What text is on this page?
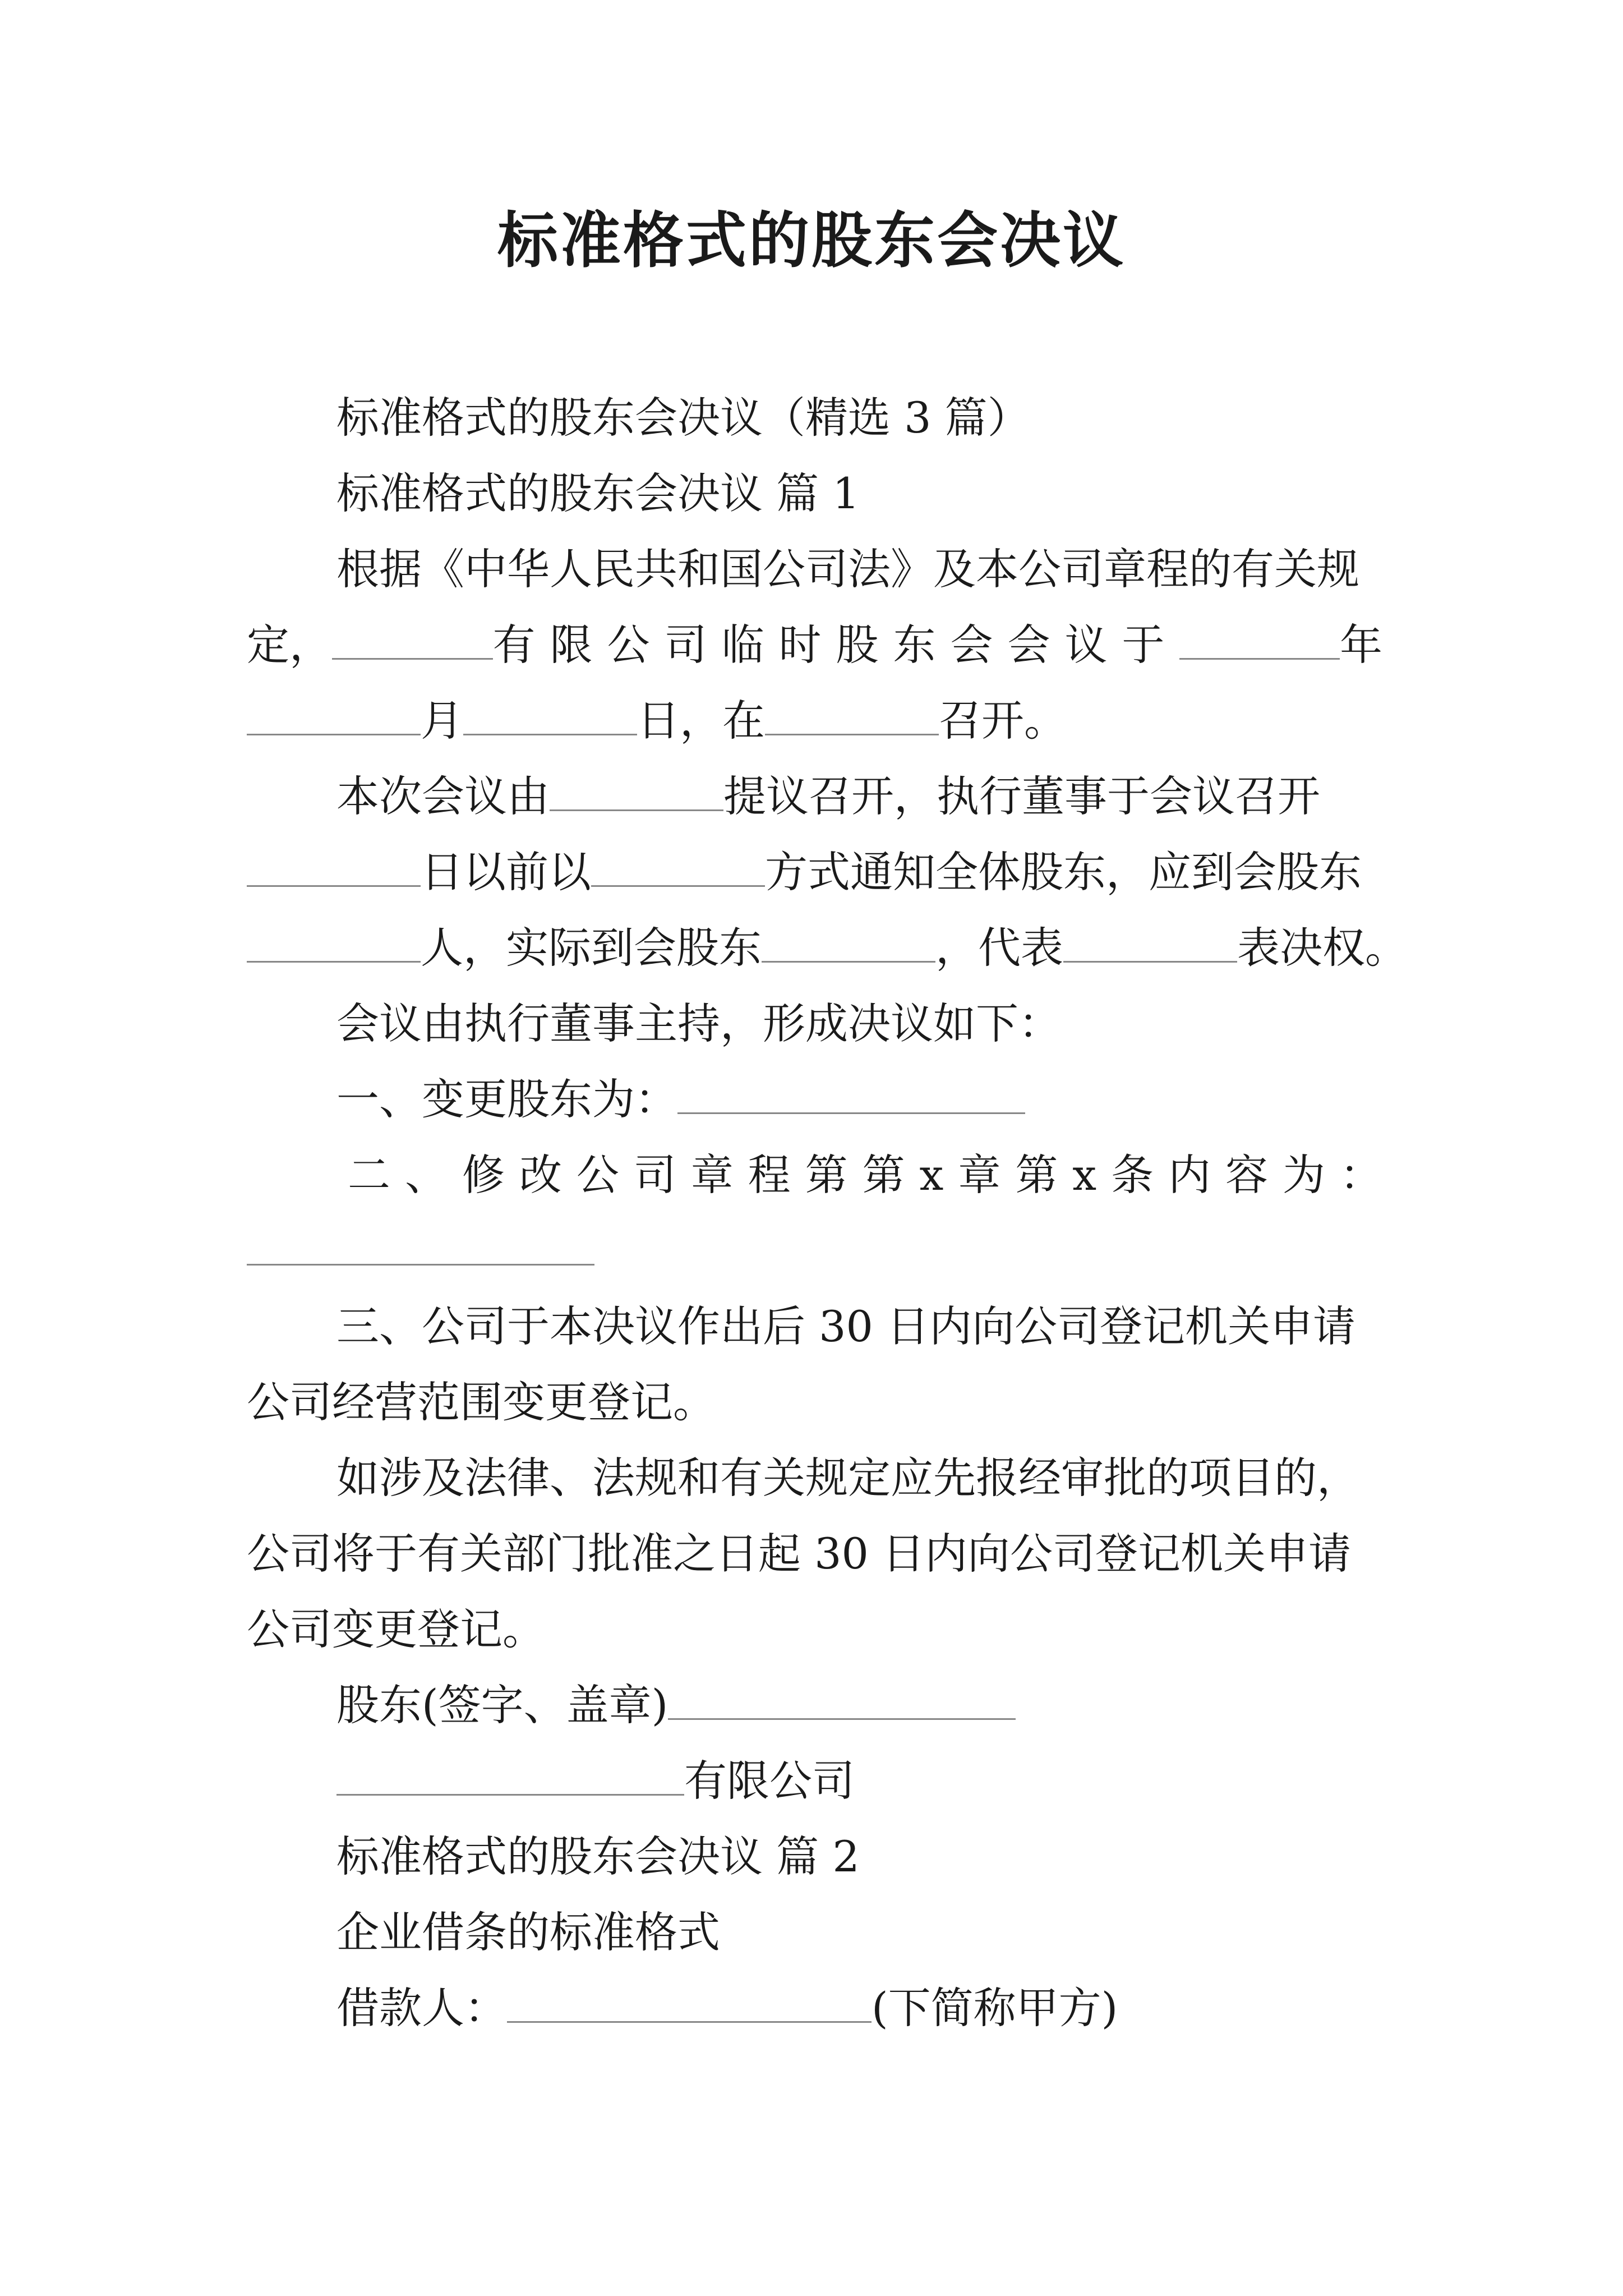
标准格式的股东会决议
标准格式的股东会决议（精选 3 篇）
标准格式的股东会决议 篇 1
根据《中华人民共和国公司法》及本公司章程的有关规
定，	有限公司临时股东会会议于	年
月	日，在	召开。
本次会议由	提议召开，执行董事于会议召开
日以前以	方式通知全体股东，应到会股东
人，实际到会股东	，代表	表决权。
会议由执行董事主持，形成决议如下：
一、变更股东为：
二 、 修 改 公 司 章 程 第 第 x 章 第 x 条 内 容 为 ：
三、公司于本决议作出后 30 日内向公司登记机关申请
公司经营范围变更登记。
如涉及法律、法规和有关规定应先报经审批的项目的，
公司将于有关部门批准之日起 30 日内向公司登记机关申请
公司变更登记。
股东(签字、盖章)
有限公司
标准格式的股东会决议 篇 2
企业借条的标准格式
借款人：	(下简称甲方)
